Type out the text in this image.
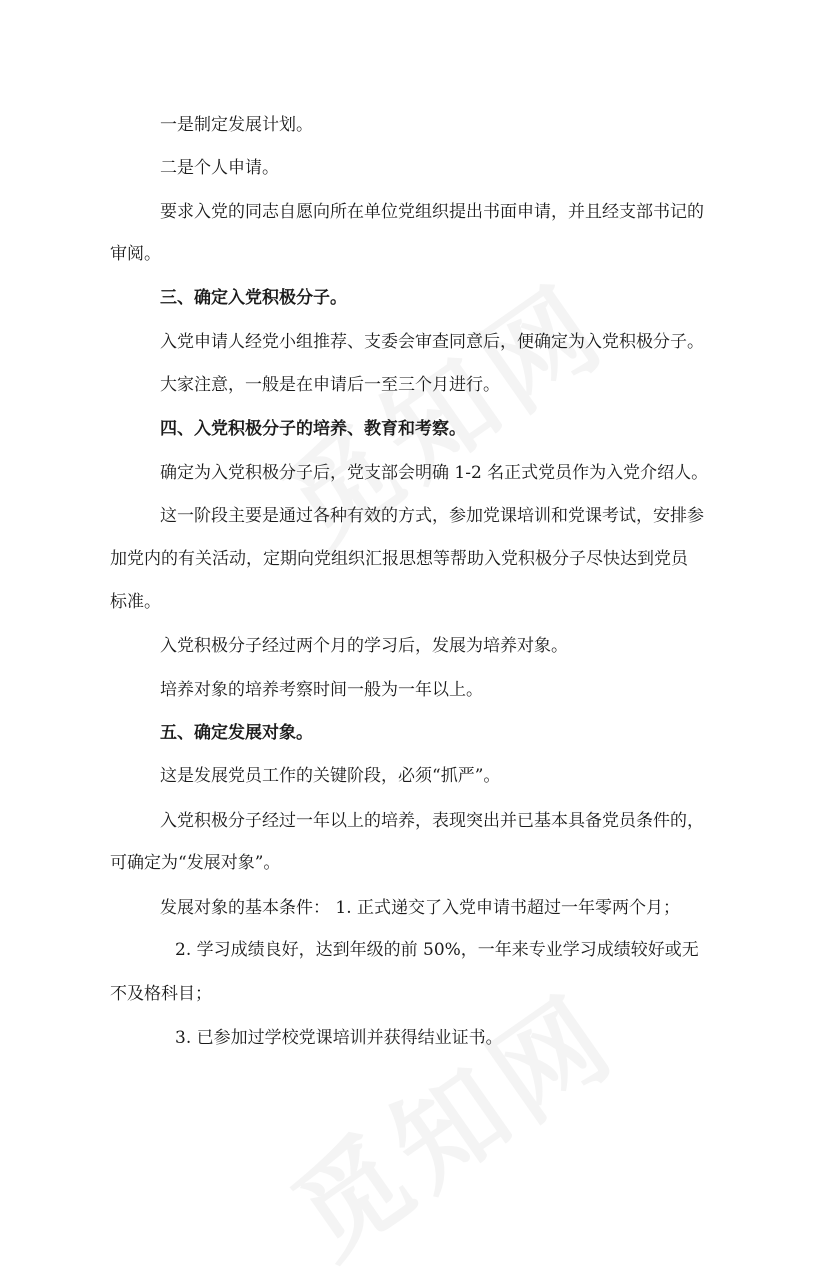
一是制定发展计划。
二是个人申请。
要求入党的同志自愿向所在单位党组织提出书面申请，并且经支部书记的
审阅。
三、确定入党积极分子。
入党申请人经党小组推荐、支委会审查同意后，便确定为入党积极分子。
大家注意，一般是在申请后一至三个月进行。
四、入党积极分子的培养、教育和考察。
确定为入党积极分子后，党支部会明确 1-2 名正式党员作为入党介绍人。
这一阶段主要是通过各种有效的方式，参加党课培训和党课考试，安排参
加党内的有关活动，定期向党组织汇报思想等帮助入党积极分子尽快达到党员
标准。
入党积极分子经过两个月的学习后，发展为培养对象。
培养对象的培养考察时间一般为一年以上。
五、确定发展对象。
这是发展党员工作的关键阶段，必须“抓严”。
入党积极分子经过一年以上的培养，表现突出并已基本具备党员条件的，
可确定为“发展对象”。
发展对象的基本条件： 1. 正式递交了入党申请书超过一年零两个月；
2. 学习成绩良好，达到年级的前 50%，一年来专业学习成绩较好或无
不及格科目；
3. 已参加过学校党课培训并获得结业证书。
